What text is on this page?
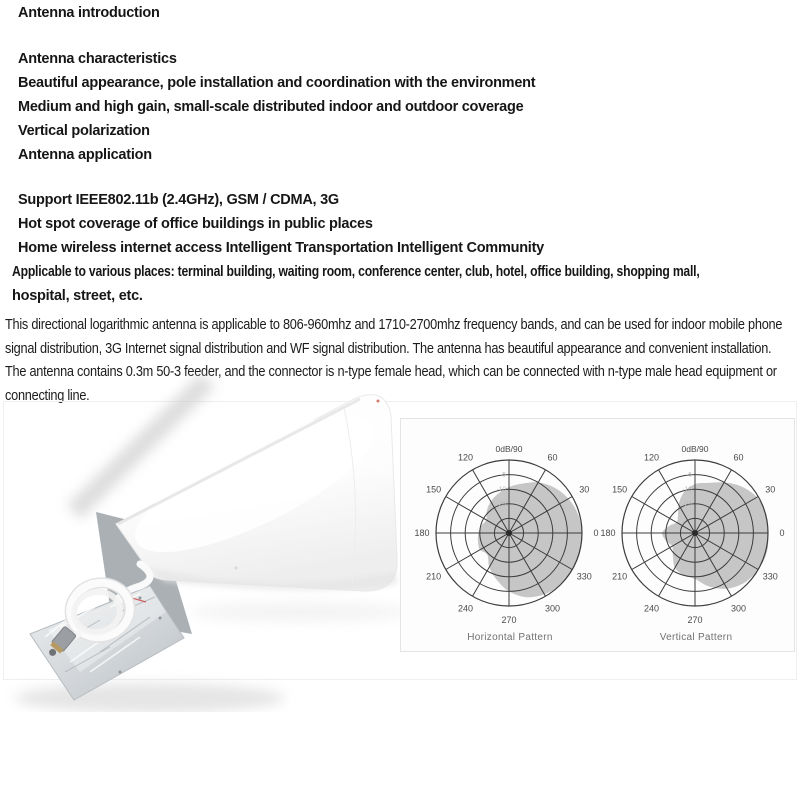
Antenna introduction
Antenna characteristics
Beautiful appearance, pole installation and coordination with the environment
Medium and high gain, small-scale distributed indoor and outdoor coverage
Vertical polarization
Antenna application
Support IEEE802.11b (2.4GHz), GSM / CDMA, 3G
Hot spot coverage of office buildings in public places
Home wireless internet access Intelligent Transportation Intelligent Community
Applicable to various places: terminal building, waiting room, conference center, club, hotel, office building, shopping mall,
hospital, street, etc.
This directional logarithmic antenna is applicable to 806-960mhz and 1710-2700mhz frequency bands, and can be used for indoor mobile phone
signal distribution, 3G Internet signal distribution and WF signal distribution. The antenna has beautiful appearance and convenient installation.
The antenna contains 0.3m 50-3 feeder, and the connector is n-type female head, which can be connected with n-type male head equipment or
connecting line.
0
30
60
0dB/90
120
150
180
210
240
270
300
330
-5
-10
-20
0
30
60
0dB/90
120
150
180
210
240
270
300
330
-5
-10
-20
Horizontal Pattern	Vertical Pattern
